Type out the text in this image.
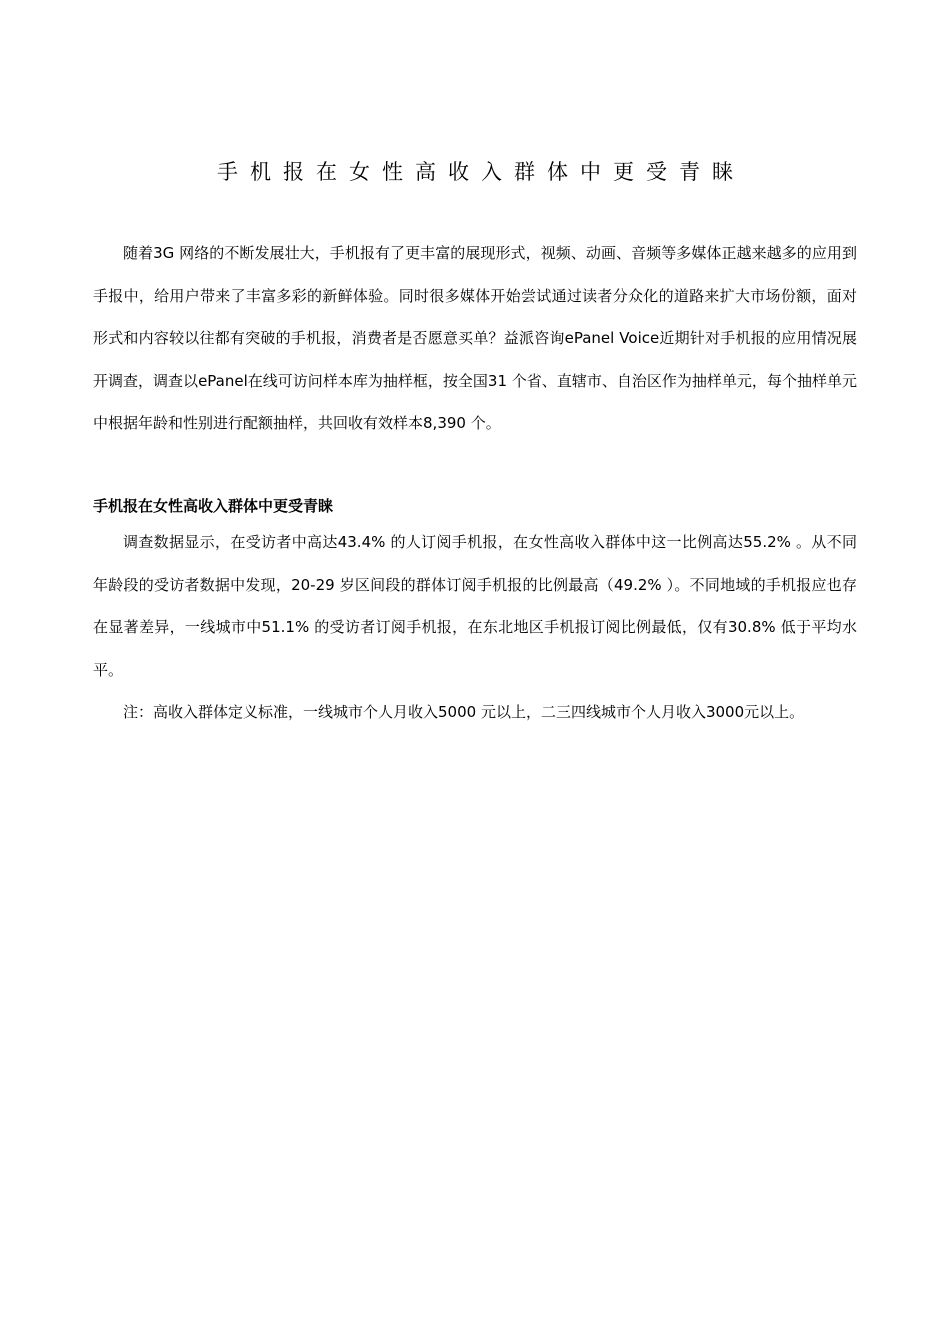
手机报在女性高收入群体中更受青睐

随着3G 网络的不断发展壮大，手机报有了更丰富的展现形式，视频、动画、音频等多媒体正越来越多的应用到手报中，给用户带来了丰富多彩的新鲜体验。同时很多媒体开始尝试通过读者分众化的道路来扩大市场份额，面对形式和内容较以往都有突破的手机报，消费者是否愿意买单？益派咨询ePanel Voice近期针对手机报的应用情况展开调查，调查以ePanel在线可访问样本库为抽样框，按全国31 个省、直辖市、自治区作为抽样单元，每个抽样单元中根据年龄和性别进行配额抽样，共回收有效样本8,390 个。

手机报在女性高收入群体中更受青睐

调查数据显示，在受访者中高达43.4% 的人订阅手机报，在女性高收入群体中这一比例高达55.2% 。从不同年龄段的受访者数据中发现，20-29 岁区间段的群体订阅手机报的比例最高（49.2% ）。不同地域的手机报应也存在显著差异，一线城市中51.1% 的受访者订阅手机报，在东北地区手机报订阅比例最低，仅有30.8% 低于平均水平。

注：高收入群体定义标准，一线城市个人月收入5000 元以上，二三四线城市个人月收入3000元以上。
